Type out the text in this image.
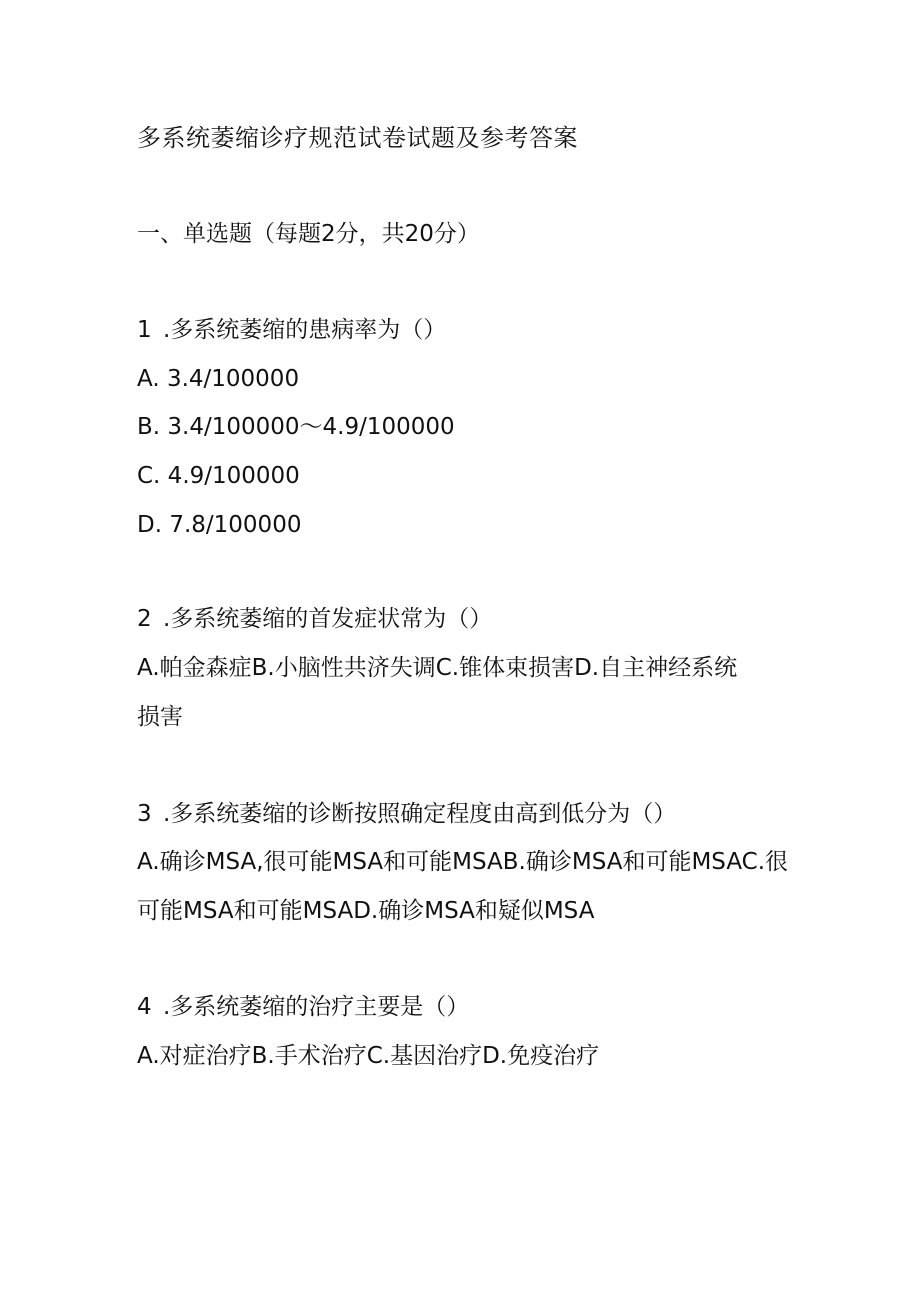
多系统萎缩诊疗规范试卷试题及参考答案
一、单选题（每题2分，共20分）
1 .多系统萎缩的患病率为（）
A. 3.4/100000
B. 3.4/100000～4.9/100000
C. 4.9/100000
D. 7.8/100000
2 .多系统萎缩的首发症状常为（）
A.帕金森症B.小脑性共济失调C.锥体束损害D.自主神经系统
损害
3 .多系统萎缩的诊断按照确定程度由高到低分为（）
A.确诊MSA,很可能MSA和可能MSAB.确诊MSA和可能MSAC.很
可能MSA和可能MSAD.确诊MSA和疑似MSA
4 .多系统萎缩的治疗主要是（）
A.对症治疗B.手术治疗C.基因治疗D.免疫治疗
